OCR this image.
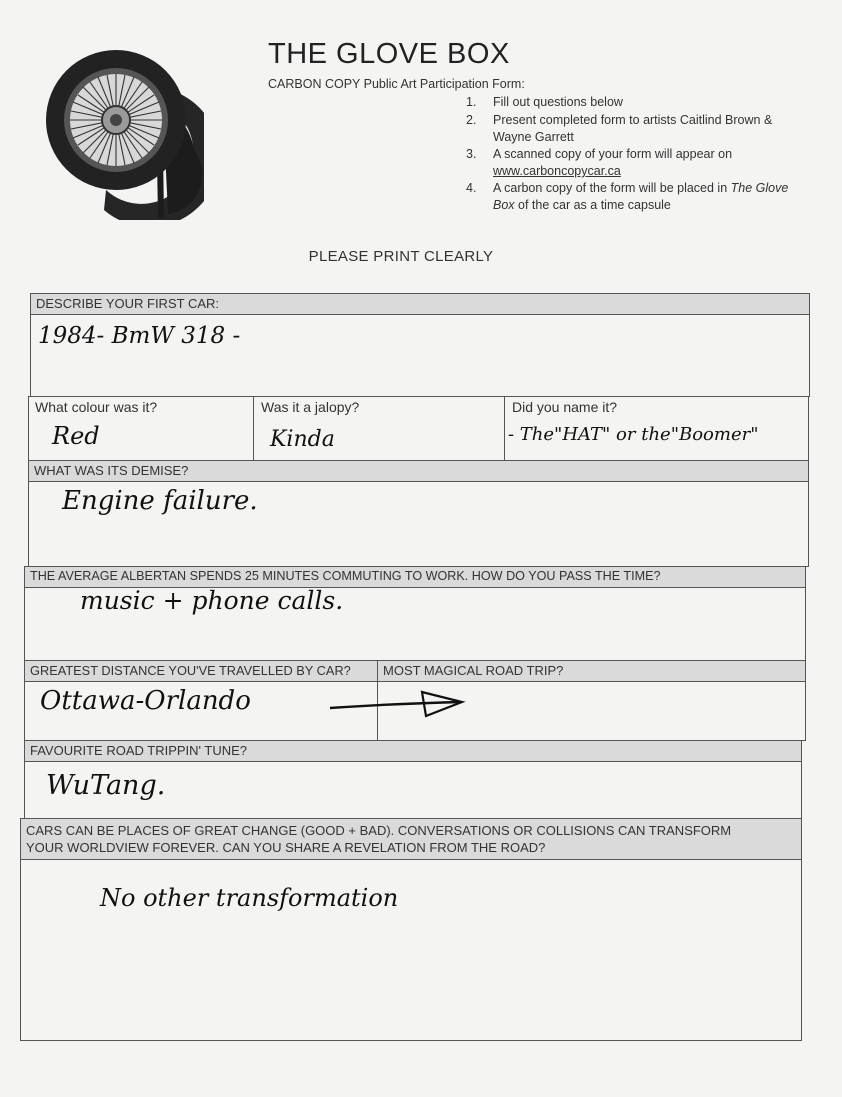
THE GLOVE BOX
CARBON COPY Public Art Participation Form:
1. Fill out questions below
2. Present completed form to artists Caitlind Brown & Wayne Garrett
3. A scanned copy of your form will appear on
www.carboncopycar.ca
4. A carbon copy of the form will be placed in The Glove Box of the car as a time capsule
PLEASE PRINT CLEARLY
DESCRIBE YOUR FIRST CAR:
1984- BmW 318 -
What colour was it?	Was it a jalopy?	Did you name it?
Red	Kinda	- The"HAT" or the"Boomer"
WHAT WAS ITS DEMISE?
Engine failure.
THE AVERAGE ALBERTAN SPENDS 25 MINUTES COMMUTING TO WORK. HOW DO YOU PASS THE TIME?
music + phone calls.
GREATEST DISTANCE YOU'VE TRAVELLED BY CAR?	MOST MAGICAL ROAD TRIP?
Ottawa-Orlando
FAVOURITE ROAD TRIPPIN' TUNE?
WuTang.
CARS CAN BE PLACES OF GREAT CHANGE (GOOD + BAD). CONVERSATIONS OR COLLISIONS CAN TRANSFORM
YOUR WORLDVIEW FOREVER. CAN YOU SHARE A REVELATION FROM THE ROAD?
No other transformation
